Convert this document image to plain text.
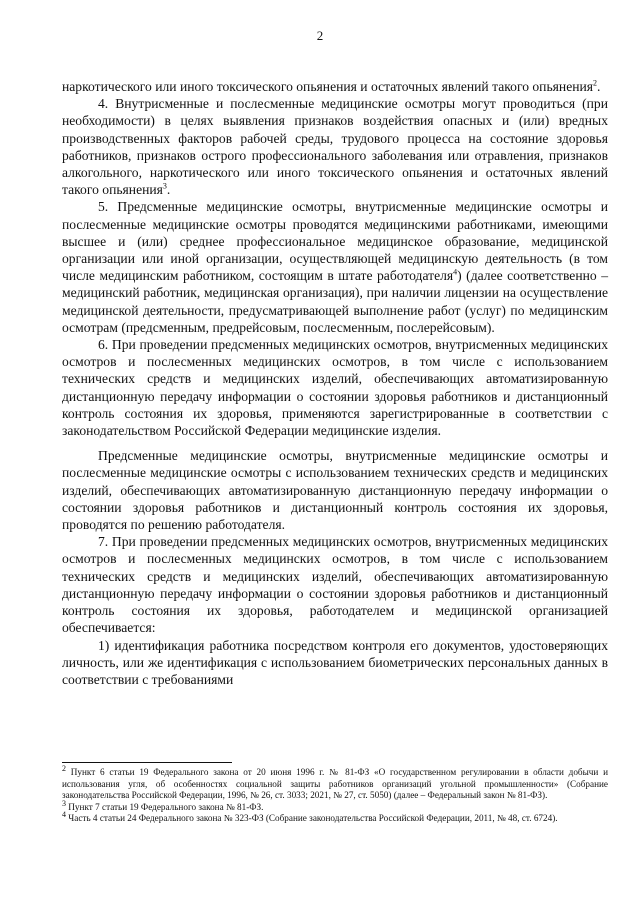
2

наркотического или иного токсического опьянения и остаточных явлений такого опьянения$^2$.

4. Внутрисменные и послесменные медицинские осмотры могут проводиться (при необходимости) в целях выявления признаков воздействия опасных и (или) вредных производственных факторов рабочей среды, трудового процесса на состояние здоровья работников, признаков острого профессионального заболевания или отравления, признаков алкогольного, наркотического или иного токсического опьянения и остаточных явлений такого опьянения$^3$.

5. Предсменные медицинские осмотры, внутрисменные медицинские осмотры и послесменные медицинские осмотры проводятся медицинскими работниками, имеющими высшее и (или) среднее профессиональное медицинское образование, медицинской организации или иной организации, осуществляющей медицинскую деятельность (в том числе медицинским работником, состоящим в штате работодателя$^4$) (далее соответственно – медицинский работник, медицинская организация), при наличии лицензии на осуществление медицинской деятельности, предусматривающей выполнение работ (услуг) по медицинским осмотрам (предсменным, предрейсовым, послесменным, послерейсовым).

6. При проведении предсменных медицинских осмотров, внутрисменных медицинских осмотров и послесменных медицинских осмотров, в том числе с использованием технических средств и медицинских изделий, обеспечивающих автоматизированную дистанционную передачу информации о состоянии здоровья работников и дистанционный контроль состояния их здоровья, применяются зарегистрированные в соответствии с законодательством Российской Федерации медицинские изделия.

Предсменные медицинские осмотры, внутрисменные медицинские осмотры и послесменные медицинские осмотры с использованием технических средств и медицинских изделий, обеспечивающих автоматизированную дистанционную передачу информации о состоянии здоровья работников и дистанционный контроль состояния их здоровья, проводятся по решению работодателя.

7. При проведении предсменных медицинских осмотров, внутрисменных медицинских осмотров и послесменных медицинских осмотров, в том числе с использованием технических средств и медицинских изделий, обеспечивающих автоматизированную дистанционную передачу информации о состоянии здоровья работников и дистанционный контроль состояния их здоровья, работодателем и медицинской организацией обеспечивается:

1) идентификация работника посредством контроля его документов, удостоверяющих личность, или же идентификация с использованием биометрических персональных данных в соответствии с требованиями

$^2$ Пункт 6 статьи 19 Федерального закона от 20 июня 1996 г. № 81-ФЗ «О государственном регулировании в области добычи и использования угля, об особенностях социальной защиты работников организаций угольной промышленности» (Собрание законодательства Российской Федерации, 1996, № 26, ст. 3033; 2021, № 27, ст. 5050) (далее – Федеральный закон № 81-ФЗ).

$^3$ Пункт 7 статьи 19 Федерального закона № 81-ФЗ.

$^4$ Часть 4 статьи 24 Федерального закона № 323-ФЗ (Собрание законодательства Российской Федерации, 2011, № 48, ст. 6724).
